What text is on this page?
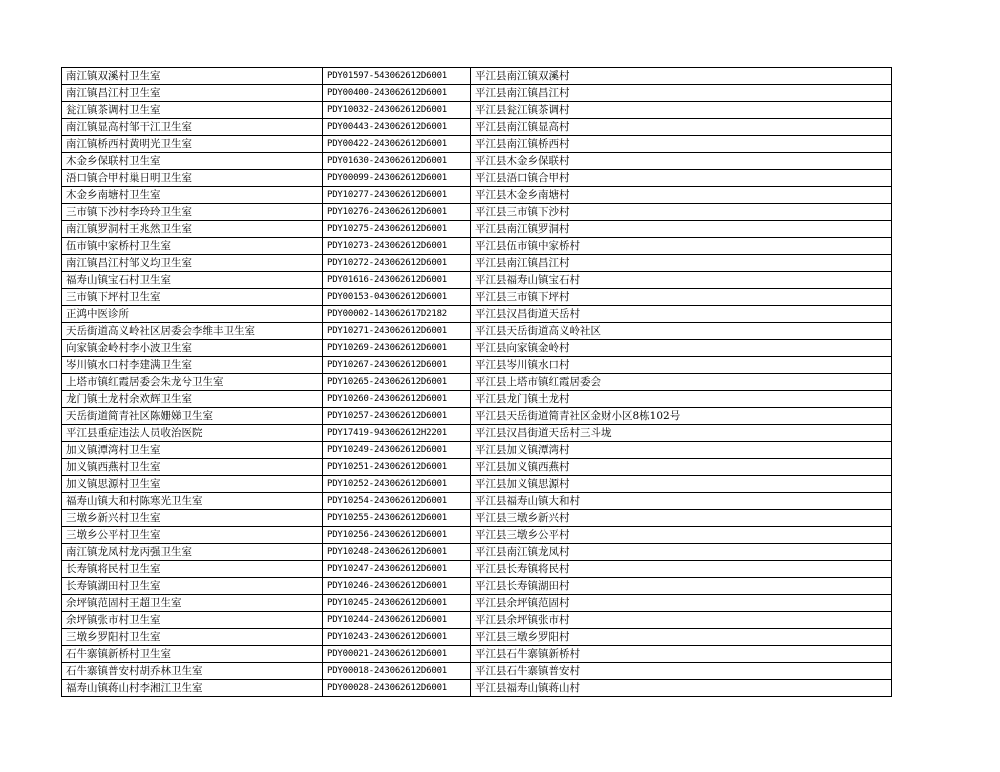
南江镇双溪村卫生室	PDY01597-543062612D6001	平江县南江镇双溪村
南江镇昌江村卫生室	PDY00400-243062612D6001	平江县南江镇昌江村
瓮江镇茶调村卫生室	PDY10032-243062612D6001	平江县瓮江镇茶调村
南江镇显高村邹干江卫生室	PDY00443-243062612D6001	平江县南江镇显高村
南江镇桥西村黄明光卫生室	PDY00422-243062612D6001	平江县南江镇桥西村
木金乡保联村卫生室	PDY01630-243062612D6001	平江县木金乡保联村
浯口镇合甲村巢日明卫生室	PDY00099-243062612D6001	平江县浯口镇合甲村
木金乡南塘村卫生室	PDY10277-243062612D6001	平江县木金乡南塘村
三市镇下沙村李玲玲卫生室	PDY10276-243062612D6001	平江县三市镇下沙村
南江镇罗洞村王兆然卫生室	PDY10275-243062612D6001	平江县南江镇罗洞村
伍市镇中家桥村卫生室	PDY10273-243062612D6001	平江县伍市镇中家桥村
南江镇昌江村邹义均卫生室	PDY10272-243062612D6001	平江县南江镇昌江村
福寿山镇宝石村卫生室	PDY01616-243062612D6001	平江县福寿山镇宝石村
三市镇下坪村卫生室	PDY00153-043062612D6001	平江县三市镇下坪村
正鸿中医诊所	PDY00002-143062617D2182	平江县汉昌街道天岳村
天岳街道高义岭社区居委会李维丰卫生室	PDY10271-243062612D6001	平江县天岳街道高义岭社区
向家镇金岭村李小波卫生室	PDY10269-243062612D6001	平江县向家镇金岭村
岑川镇水口村李建满卫生室	PDY10267-243062612D6001	平江县岑川镇水口村
上塔市镇红霞居委会朱龙兮卫生室	PDY10265-243062612D6001	平江县上塔市镇红霞居委会
龙门镇土龙村余欢辉卫生室	PDY10260-243062612D6001	平江县龙门镇土龙村
天岳街道简青社区陈姗娣卫生室	PDY10257-243062612D6001	平江县天岳街道简青社区金财小区8栋102号
平江县重症违法人员收治医院	PDY17419-943062612H2201	平江县汉昌街道天岳村三斗垅
加义镇潭湾村卫生室	PDY10249-243062612D6001	平江县加义镇潭湾村
加义镇西燕村卫生室	PDY10251-243062612D6001	平江县加义镇西燕村
加义镇思源村卫生室	PDY10252-243062612D6001	平江县加义镇思源村
福寿山镇大和村陈寒光卫生室	PDY10254-243062612D6001	平江县福寿山镇大和村
三墩乡新兴村卫生室	PDY10255-243062612D6001	平江县三墩乡新兴村
三墩乡公平村卫生室	PDY10256-243062612D6001	平江县三墩乡公平村
南江镇龙凤村龙丙强卫生室	PDY10248-243062612D6001	平江县南江镇龙凤村
长寿镇将民村卫生室	PDY10247-243062612D6001	平江县长寿镇将民村
长寿镇湖田村卫生室	PDY10246-243062612D6001	平江县长寿镇湖田村
余坪镇范固村王超卫生室	PDY10245-243062612D6001	平江县余坪镇范固村
余坪镇张市村卫生室	PDY10244-243062612D6001	平江县余坪镇张市村
三墩乡罗阳村卫生室	PDY10243-243062612D6001	平江县三墩乡罗阳村
石牛寨镇新桥村卫生室	PDY00021-243062612D6001	平江县石牛寨镇新桥村
石牛寨镇普安村胡乔林卫生室	PDY00018-243062612D6001	平江县石牛寨镇普安村
福寿山镇蒋山村李湘江卫生室	PDY00028-243062612D6001	平江县福寿山镇蒋山村
